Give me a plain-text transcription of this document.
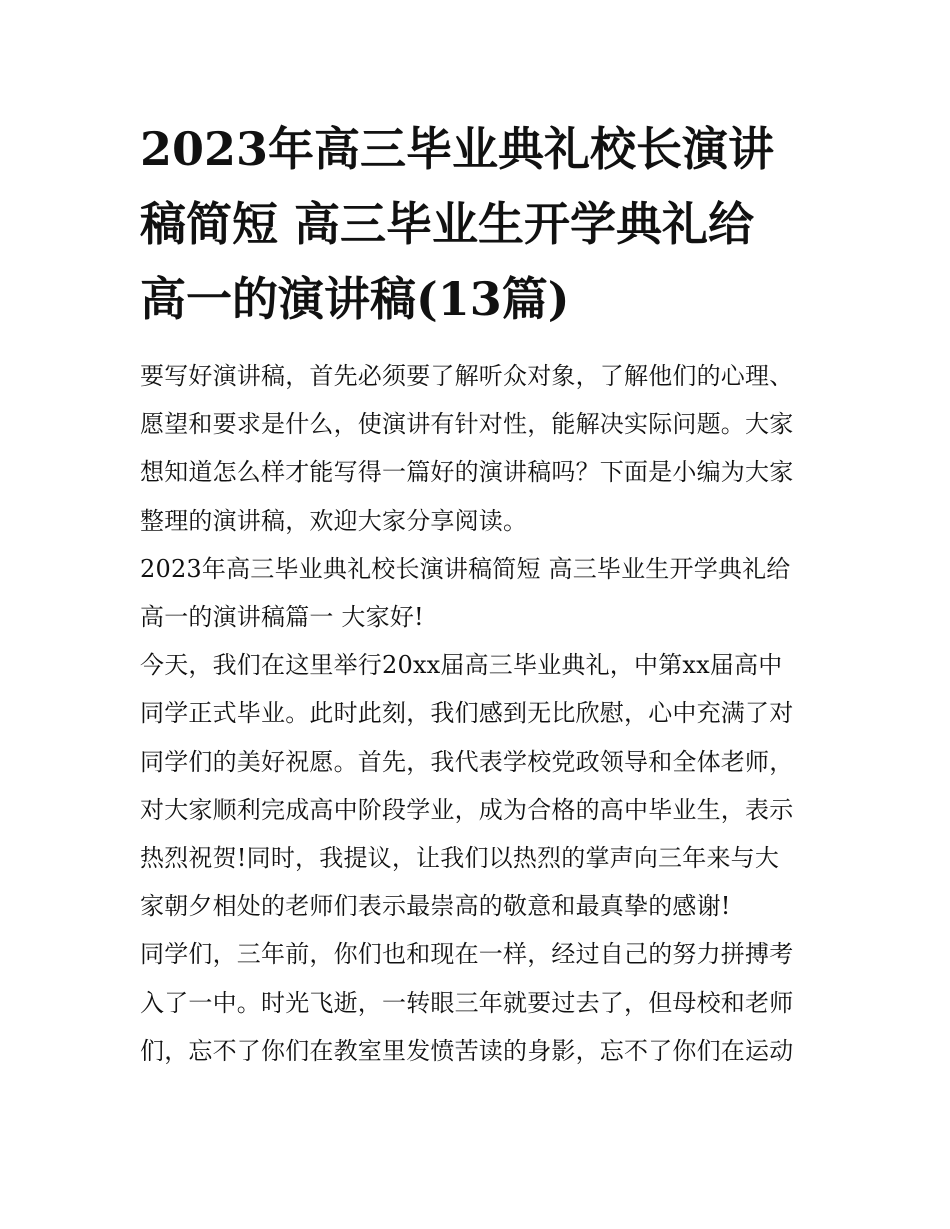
2023年高三毕业典礼校长演讲
稿简短 高三毕业生开学典礼给
高一的演讲稿(13篇)

要写好演讲稿，首先必须要了解听众对象，了解他们的心理、
愿望和要求是什么，使演讲有针对性，能解决实际问题。大家
想知道怎么样才能写得一篇好的演讲稿吗？下面是小编为大家
整理的演讲稿，欢迎大家分享阅读。

2023年高三毕业典礼校长演讲稿简短 高三毕业生开学典礼给
高一的演讲稿篇一 大家好!

今天，我们在这里举行20xx届高三毕业典礼，中第xx届高中
同学正式毕业。此时此刻，我们感到无比欣慰，心中充满了对
同学们的美好祝愿。首先，我代表学校党政领导和全体老师，
对大家顺利完成高中阶段学业，成为合格的高中毕业生，表示
热烈祝贺!同时，我提议，让我们以热烈的掌声向三年来与大
家朝夕相处的老师们表示最崇高的敬意和最真挚的感谢!

同学们，三年前，你们也和现在一样，经过自己的努力拼搏考
入了一中。时光飞逝，一转眼三年就要过去了，但母校和老师
们，忘不了你们在教室里发愤苦读的身影，忘不了你们在运动
